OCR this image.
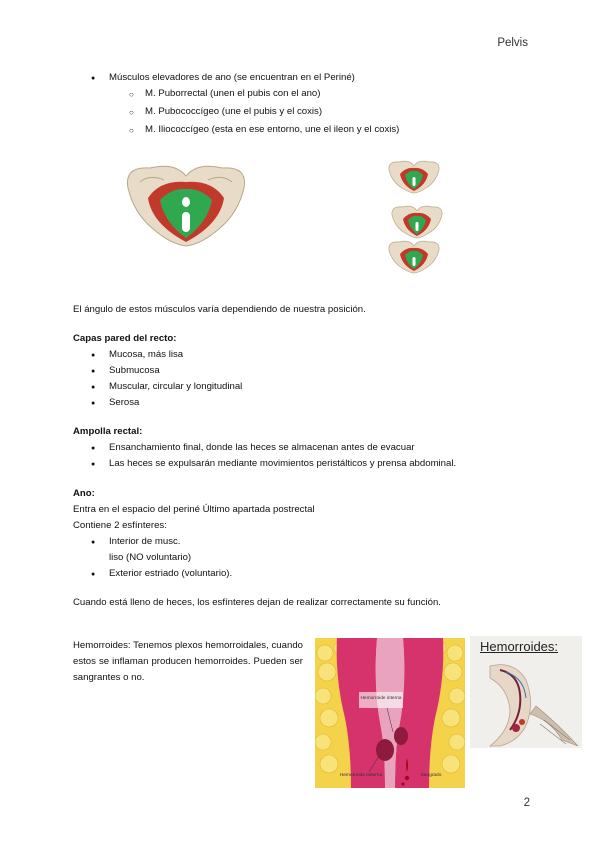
Pelvis
● Músculos elevadores de ano (se encuentran en el Periné)
○ M. Puborrectal (unen el pubis con el ano)
○ M. Pubococcígeo (une el pubis y el coxis)
○ M. Iliococcígeo (esta en ese entorno, une el ileon y el coxis)
El ángulo de estos músculos varía dependiendo de nuestra posición.
Capas pared del recto:
● Mucosa, más lisa
● Submucosa
● Muscular, circular y longitudinal
● Serosa
Ampolla rectal:
● Ensanchamiento final, donde las heces se almacenan antes de evacuar
● Las heces se expulsarán mediante movimientos peristálticos y prensa abdominal.
Ano:
Entra en el espacio del periné Último apartada postrectal
Contiene 2 esfínteres:
● Interior de musc.
liso (NO voluntario)
● Exterior estriado (voluntario).
Cuando está lleno de heces, los esfínteres dejan de realizar correctamente su función.
Hemorroides: Tenemos plexos hemorroidales, cuando estos se inflaman producen hemorroides. Pueden ser sangrantes o no.
Hemorroide interna
Hemorroide externa	Sangrado
Hemorroides:
2
